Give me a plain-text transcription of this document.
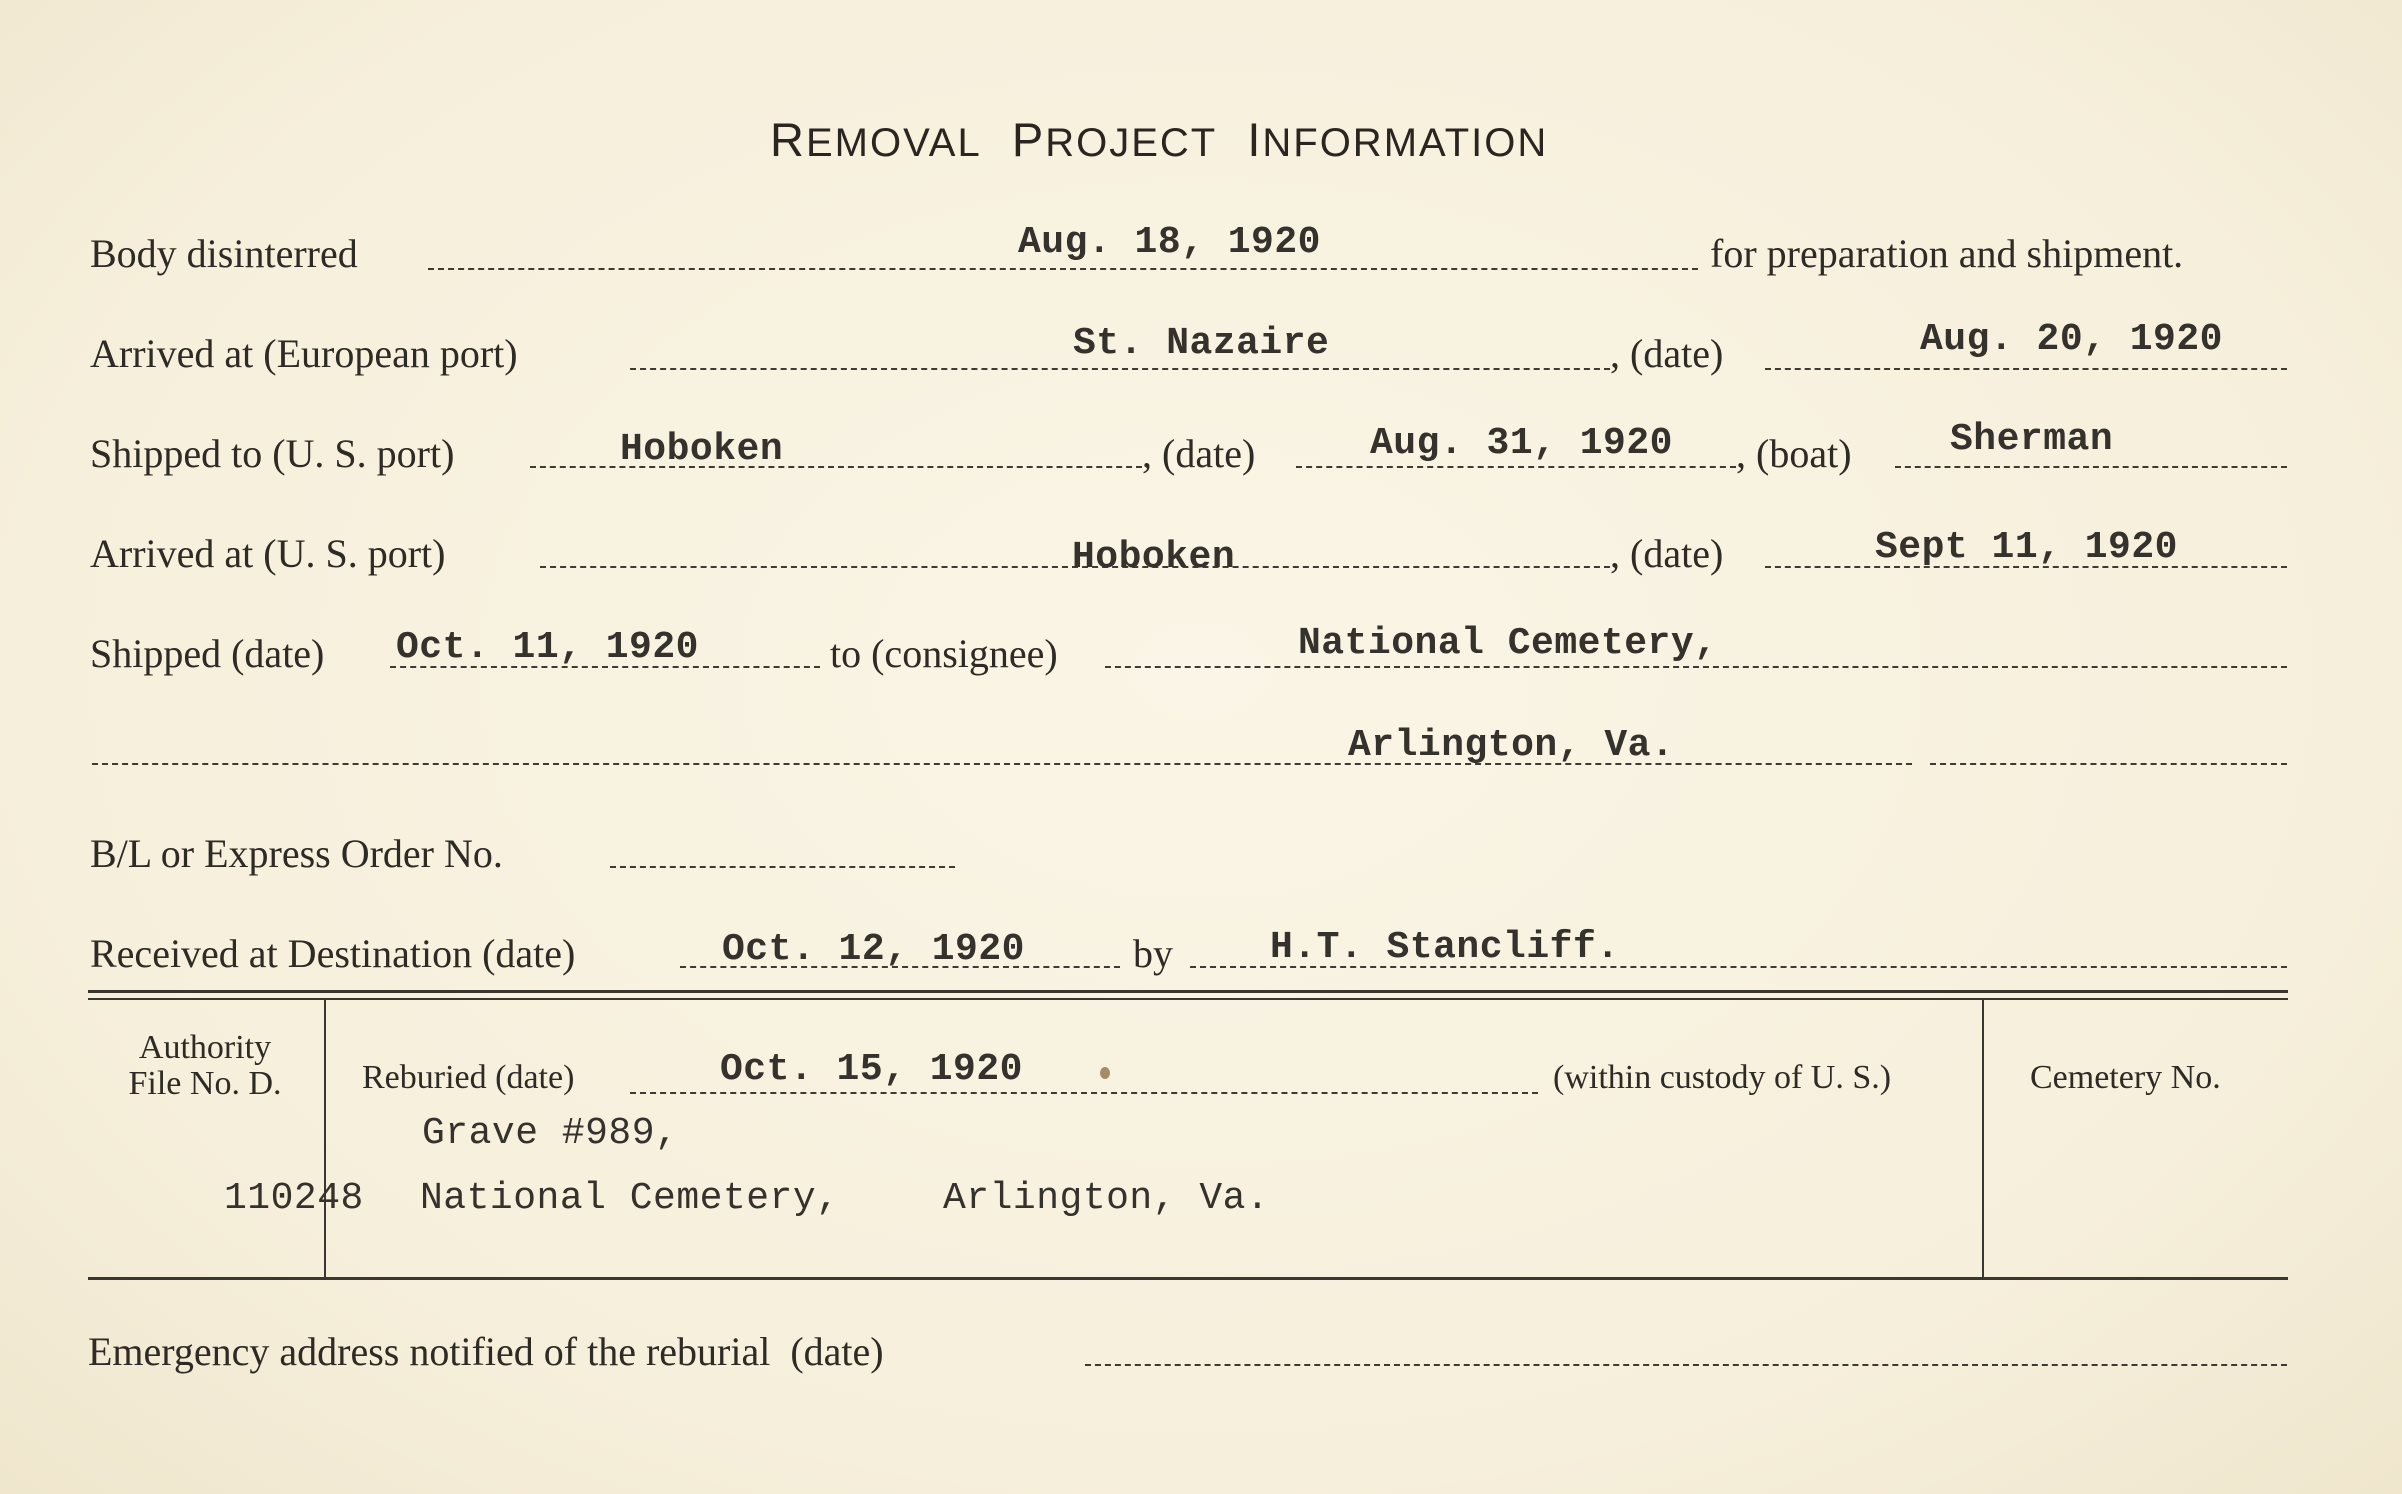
REMOVAL PROJECT INFORMATION
Body disinterred	Aug. 18, 1920	for preparation and shipment.
Arrived at (European port)	St. Nazaire	, (date)	Aug. 20, 1920
Shipped to (U. S. port)	Hoboken	, (date)	Aug. 31, 1920 , (boat)	Sherman
Arrived at (U. S. port)	Hoboken	, (date)	Sept 11, 1920
Shipped (date) Oct. 11, 1920	to (consignee)	National Cemetery,
Arlington, Va.
B/L or Express Order No.
Received at Destination (date)	Oct. 12, 1920	by	H.T. Stancliff.
Authority
File No. D.
110248
Reburied (date)	Oct. 15, 1920	(within custody of U. S.)
Grave #989,
National Cemetery,	Arlington, Va.
Cemetery No.
Emergency address notified of the reburial  (date)
